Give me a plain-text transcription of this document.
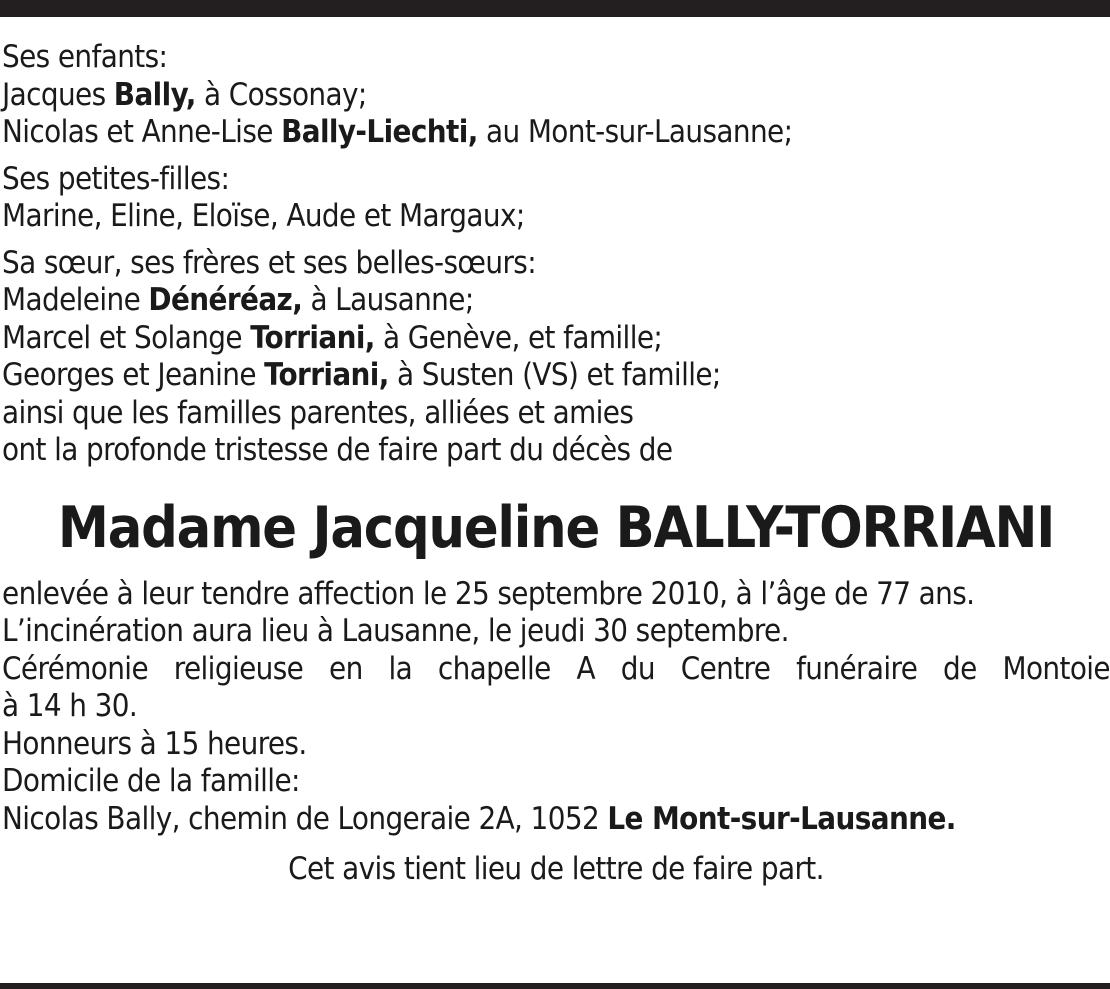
Ses enfants:
Jacques Bally, à Cossonay;
Nicolas et Anne-Lise Bally-Liechti, au Mont-sur-Lausanne;
Ses petites-filles:
Marine, Eline, Eloïse, Aude et Margaux;
Sa sœur, ses frères et ses belles-sœurs:
Madeleine Dénéréaz, à Lausanne;
Marcel et Solange Torriani, à Genève, et famille;
Georges et Jeanine Torriani, à Susten (VS) et famille;
ainsi que les familles parentes, alliées et amies
ont la profonde tristesse de faire part du décès de
Madame Jacqueline BALLY-TORRIANI
enlevée à leur tendre affection le 25 septembre 2010, à l’âge de 77 ans.
L’incinération aura lieu à Lausanne, le jeudi 30 septembre.
Cérémonie religieuse en la chapelle A du Centre funéraire de Montoie
à 14 h 30.
Honneurs à 15 heures.
Domicile de la famille:
Nicolas Bally, chemin de Longeraie 2A, 1052 Le Mont-sur-Lausanne.
Cet avis tient lieu de lettre de faire part.
